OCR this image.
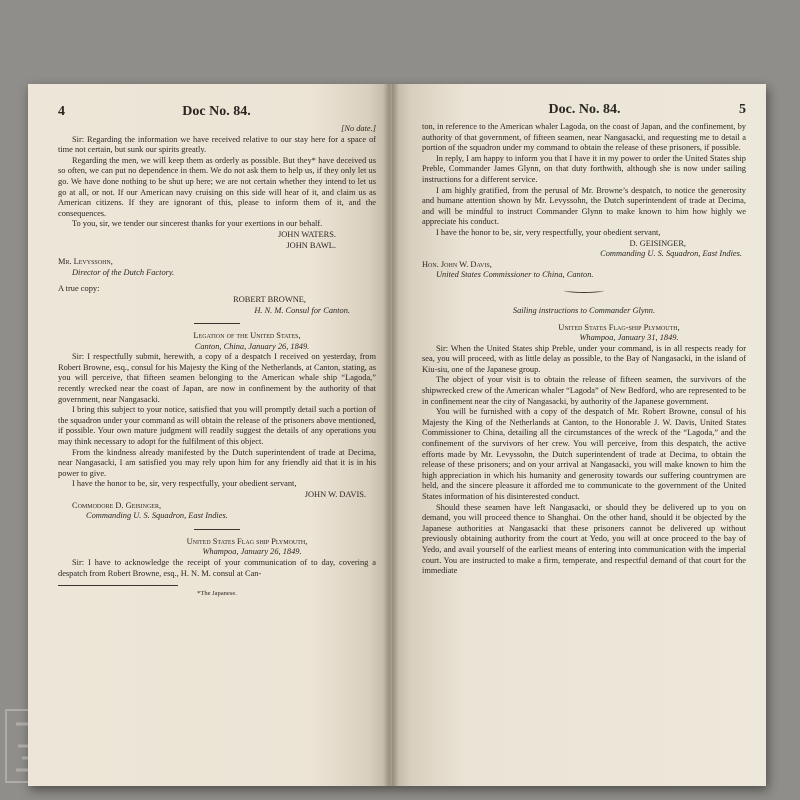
4	Doc No. 84.
[No date.]

Sir: Regarding the information we have received relative to our stay here for a space of time not certain, but sunk our spirits greatly.

Regarding the men, we will keep them as orderly as possible. But they* have deceived us so often, we can put no dependence in them. We do not ask them to help us, if they only let us go. We have done nothing to be shut up here; we are not certain whether they intend to let us go at all, or not. If our American navy cruising on this side will hear of it, and claim us as American citizens. If they are ignorant of this, please to inform them of it, and the consequences.

To you, sir, we tender our sincerest thanks for your exertions in our behalf.

JOHN WATERS.
JOHN BAWL.
Mr. Levyssohn,
Director of the Dutch Factory.
A true copy:
ROBERT BROWNE,
H. N. M. Consul for Canton.
Legation of the United States,
Canton, China, January 26, 1849.

Sir: I respectfully submit, herewith, a copy of a despatch I received on yesterday, from Robert Browne, esq., consul for his Majesty the King of the Netherlands, at Canton, stating, as you will perceive, that fifteen seamen belonging to the American whale ship “Lagoda,” recently wrecked near the coast of Japan, are now in confinement by the authority of that government, near Nangasacki.

I bring this subject to your notice, satisfied that you will promptly detail such a portion of the squadron under your command as will obtain the release of the prisoners above mentioned, if possible. Your own mature judgment will readily suggest the details of any operations you may think necessary to adopt for the fulfilment of this object.

From the kindness already manifested by the Dutch superintendent of trade at Decima, near Nangasacki, I am satisfied you may rely upon him for any friendly aid that it is in his power to give.

I have the honor to be, sir, very respectfully, your obedient servant,

JOHN W. DAVIS.
Commodore D. Geisinger,
Commanding U. S. Squadron, East Indies.
United States Flag ship Plymouth,
Whampoa, January 26, 1849.

Sir: I have to acknowledge the receipt of your communication of to day, covering a despatch from Robert Browne, esq., H. N. M. consul at Can-

*The Japanese.
Doc. No. 84.	5

ton, in reference to the American whaler Lagoda, on the coast of Japan, and the confinement, by authority of that government, of fifteen seamen, near Nangasacki, and requesting me to detail a portion of the squadron under my command to obtain the release of these prisoners, if possible.

In reply, I am happy to inform you that I have it in my power to order the United States ship Preble, Commander James Glynn, on that duty forthwith, although she is now under sailing instructions for a different service.

I am highly gratified, from the perusal of Mr. Browne’s despatch, to notice the generosity and humane attention shown by Mr. Levyssohn, the Dutch superintendent of trade at Decima, and will be mindful to instruct Commander Glynn to make known to him how highly we appreciate his conduct.

I have the honor to be, sir, very respectfully, your obedient servant,

D. GEISINGER,
Commanding U. S. Squadron, East Indies.
Hon. John W. Davis,
United States Commissioner to China, Canton.
Sailing instructions to Commander Glynn.
United States Flag-ship Plymouth,
Whampoa, January 31, 1849.

Sir: When the United States ship Preble, under your command, is in all respects ready for sea, you will proceed, with as little delay as possible, to the Bay of Nangasacki, in the island of Kiu-siu, one of the Japanese group.

The object of your visit is to obtain the release of fifteen seamen, the survivors of the shipwrecked crew of the American whaler “Lagoda” of New Bedford, who are represented to be in confinement near the city of Nangasacki, by authority of the Japanese government.

You will be furnished with a copy of the despatch of Mr. Robert Browne, consul of his Majesty the King of the Netherlands at Canton, to the Honorable J. W. Davis, United States Commissioner to China, detailing all the circumstances of the wreck of the “Lagoda,” and the confinement of the survivors of her crew. You will perceive, from this despatch, the active efforts made by Mr. Levyssohn, the Dutch superintendent of trade at Decima, to obtain the release of these prisoners; and on your arrival at Nangasacki, you will make known to him the high appreciation in which his humanity and generosity towards our suffering countrymen are held, and the sincere pleasure it afforded me to communicate to the government of the United States information of his disinterested conduct.

Should these seamen have left Nangasacki, or should they be delivered up to you on demand, you will proceed thence to Shanghai. On the other hand, should it be objected by the Japanese authorities at Nangasacki that these prisoners cannot be delivered up without previously obtaining authority from the court at Yedo, you will at once proceed to the bay of Yedo, and avail yourself of the earliest means of entering into communication with the imperial court. You are instructed to make a firm, temperate, and respectful demand of that court for the immediate
